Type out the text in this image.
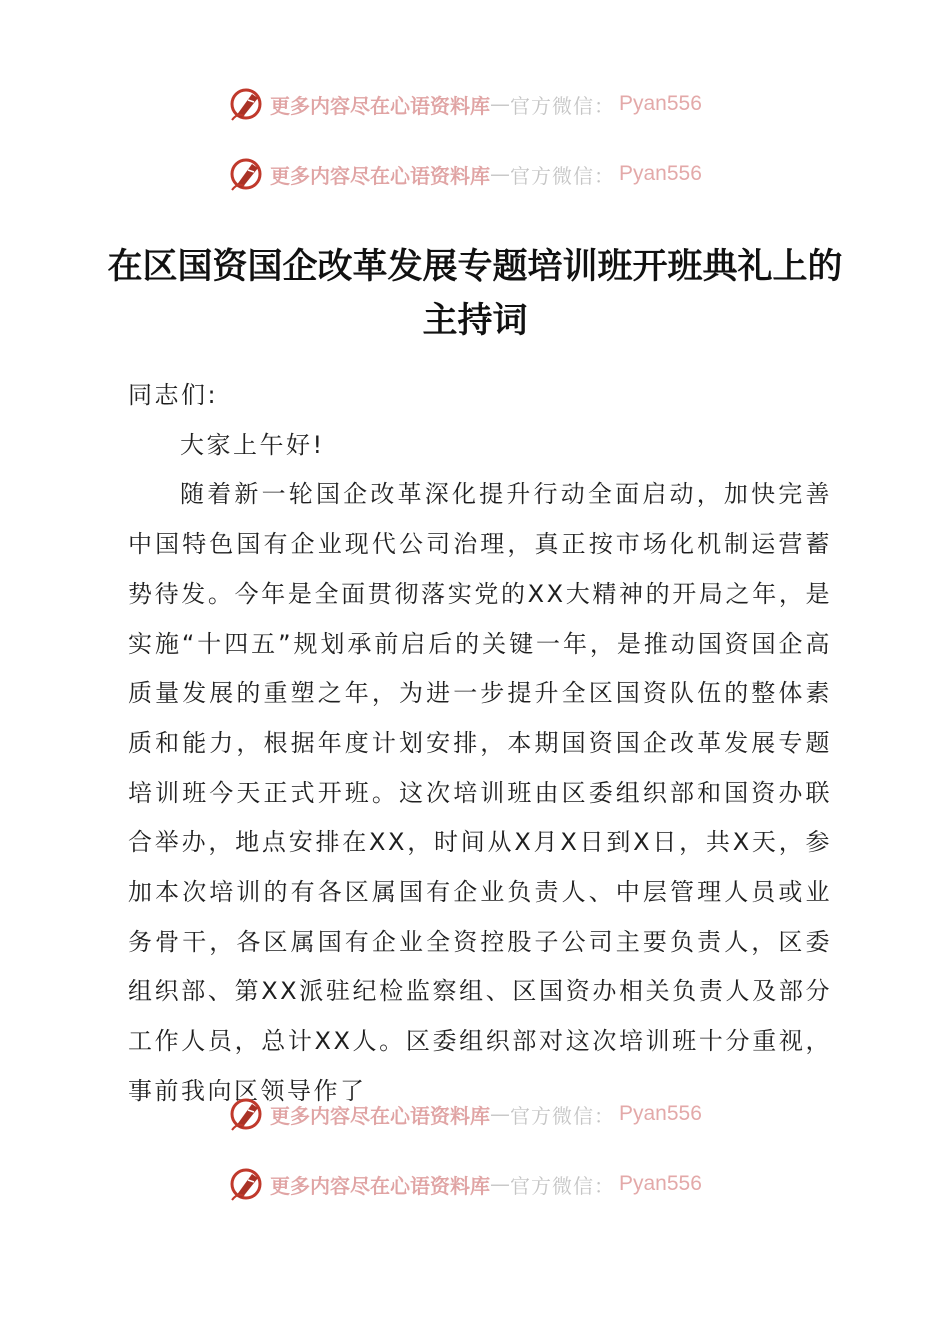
更多内容尽在心语资料库 — 官方微信： Pyan556
更多内容尽在心语资料库 — 官方微信： Pyan556
在区国资国企改革发展专题培训班开班典礼上的主持词

同志们:

大家上午好!

随着新一轮国企改革深化提升行动全面启动，加快完善中国特色国有企业现代公司治理，真正按市场化机制运营蓄势待发。今年是全面贯彻落实党的XX大精神的开局之年，是实施“十四五”规划承前启后的关键一年，是推动国资国企高质量发展的重塑之年，为进一步提升全区国资队伍的整体素质和能力，根据年度计划安排，本期国资国企改革发展专题培训班今天正式开班。这次培训班由区委组织部和国资办联合举办，地点安排在XX，时间从X月X日到X日，共X天，参加本次培训的有各区属国有企业负责人、中层管理人员或业务骨干，各区属国有企业全资控股子公司主要负责人，区委组织部、第XX派驻纪检监察组、区国资办相关负责人及部分工作人员，总计XX人。区委组织部对这次培训班十分重视，事前我向区领导作了

更多内容尽在心语资料库 — 官方微信： Pyan556
更多内容尽在心语资料库 — 官方微信： Pyan556
